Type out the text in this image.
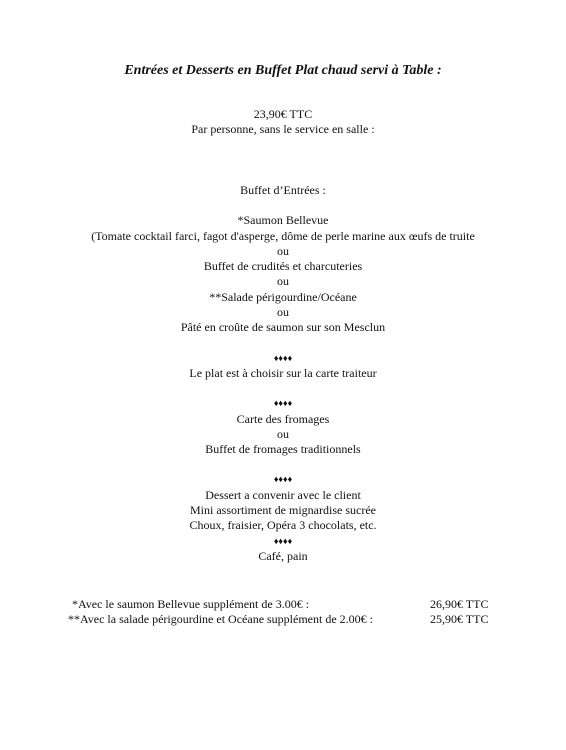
Entrées et Desserts en Buffet Plat chaud servi à Table :
23,90€ TTC
Par personne, sans le service en salle :
Buffet d’Entrées :
*Saumon Bellevue
(Tomate cocktail farci, fagot d'asperge, dôme de perle marine aux œufs de truite
ou
Buffet de crudités et charcuteries
ou
**Salade périgourdine/Océane
ou
Pâté en croûte de saumon sur son Mesclun
♦♦♦♦
Le plat est à choisir sur la carte traiteur
♦♦♦♦
Carte des fromages
ou
Buffet de fromages traditionnels
♦♦♦♦
Dessert a convenir avec le client
Mini assortiment de mignardise sucrée
Choux, fraisier, Opéra 3 chocolats, etc.
♦♦♦♦
Café, pain
*Avec le saumon Bellevue supplément de 3.00€ :	26,90€ TTC
**Avec la salade périgourdine et Océane supplément de 2.00€ :	25,90€ TTC
